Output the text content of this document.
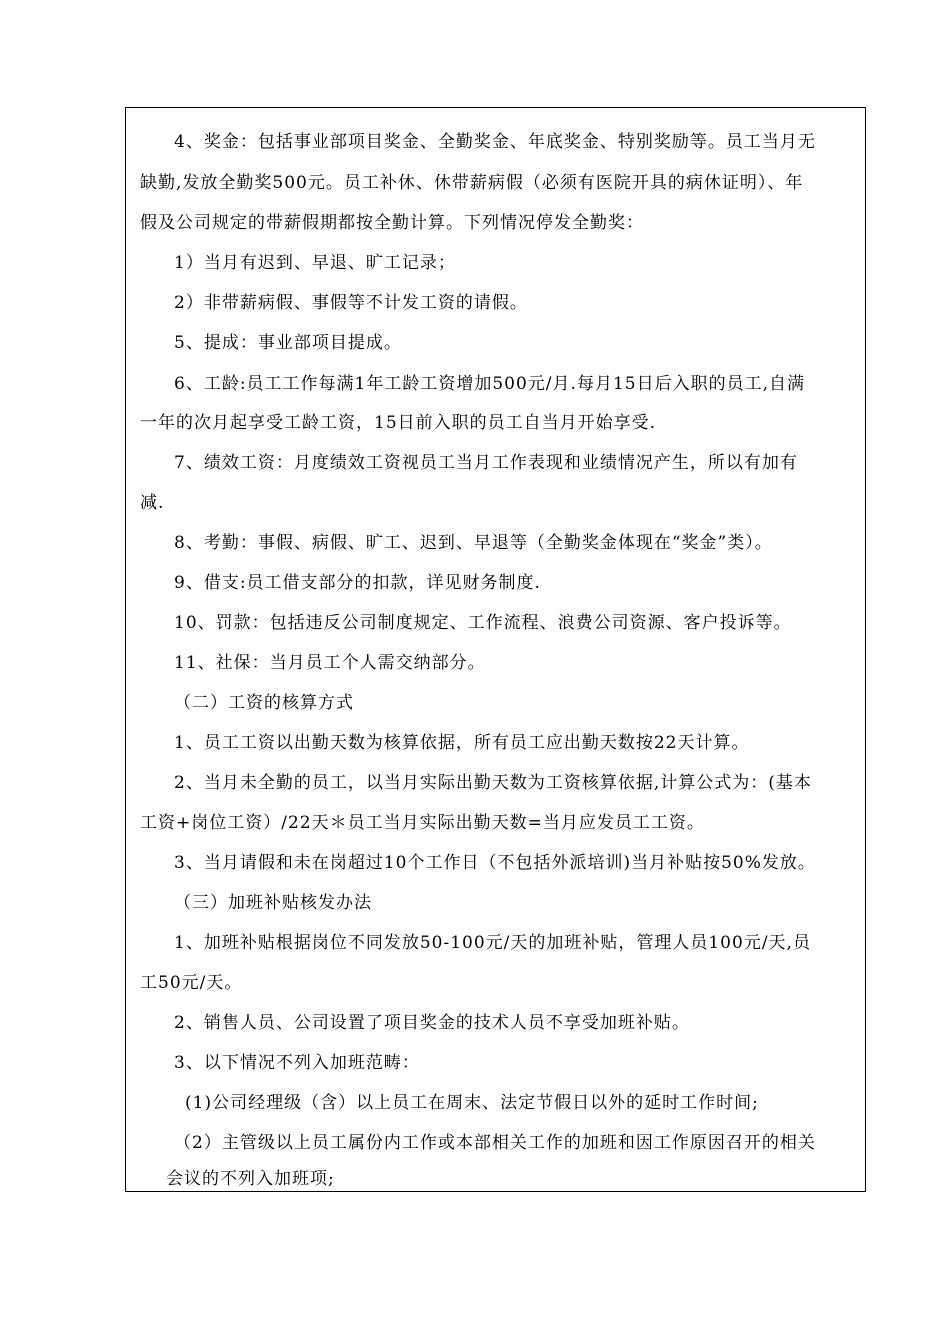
4、奖金：包括事业部项目奖金、全勤奖金、年底奖金、特别奖励等。员工当月无
缺勤,发放全勤奖500元。员工补休、休带薪病假（必须有医院开具的病休证明）、年
假及公司规定的带薪假期都按全勤计算。下列情况停发全勤奖：
1）当月有迟到、早退、旷工记录；
2）非带薪病假、事假等不计发工资的请假。
5、提成：事业部项目提成。
6、工龄:员工工作每满1年工龄工资增加500元/月.每月15日后入职的员工,自满
一年的次月起享受工龄工资，15日前入职的员工自当月开始享受.
7、绩效工资：月度绩效工资视员工当月工作表现和业绩情况产生，所以有加有
减.
8、考勤：事假、病假、旷工、迟到、早退等（全勤奖金体现在“奖金”类）。
9、借支:员工借支部分的扣款，详见财务制度.
10、罚款：包括违反公司制度规定、工作流程、浪费公司资源、客户投诉等。
11、社保：当月员工个人需交纳部分。
（二）工资的核算方式
1、员工工资以出勤天数为核算依据，所有员工应出勤天数按22天计算。
2、当月未全勤的员工，以当月实际出勤天数为工资核算依据,计算公式为：(基本
工资+岗位工资）/22天＊员工当月实际出勤天数=当月应发员工工资。
3、当月请假和未在岗超过10个工作日（不包括外派培训)当月补贴按50%发放。
（三）加班补贴核发办法
1、加班补贴根据岗位不同发放50-100元/天的加班补贴，管理人员100元/天,员
工50元/天。
2、销售人员、公司设置了项目奖金的技术人员不享受加班补贴。
3、以下情况不列入加班范畴：
(1)公司经理级（含）以上员工在周末、法定节假日以外的延时工作时间;
（2）主管级以上员工属份内工作或本部相关工作的加班和因工作原因召开的相关
会议的不列入加班项;
